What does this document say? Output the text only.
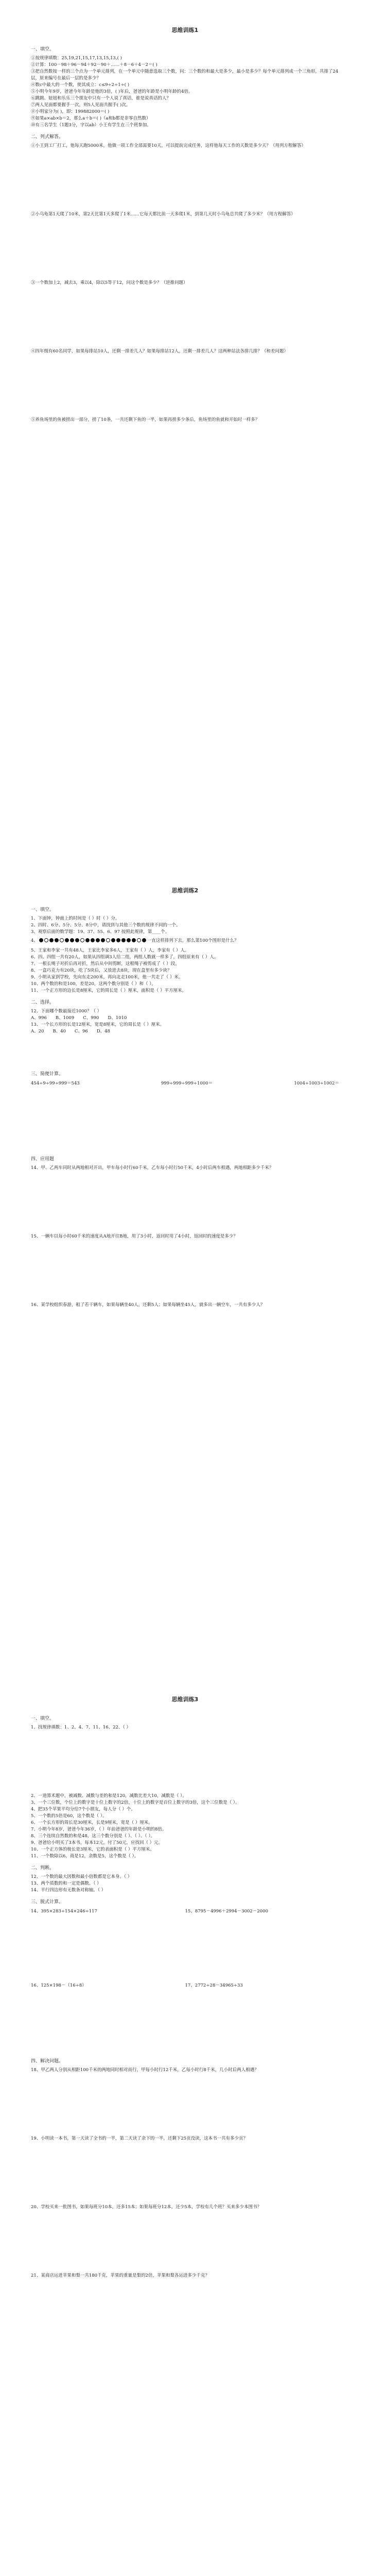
思维训练1
一、填空。

①按规律填数：25,19,21,15,17,13,15,13,( )

②计算：100－98＋96－94＋92－90＋……＋8－6＋4－2＝( )

③把自然数按一样的三个点为一个单元排列，在一个单元中随意选取三个数，问：三个数的和最大是多少，最小是多少？每个单元排列成一个三角形，共排了24层，原来编号在最后一层的是多少？

④数c中最大的一个数，使其成立：c≤9÷2÷1÷( )

⑤小明今年9岁，爸爸今年年龄是他的3倍，( )年后，爸爸的年龄是小明年龄的4倍。

⑥跳跳、妞妞和乐乐三个朋友中只有一个人说了真话，谁是说真话的人？

⑦两人见面都要握手一次，则5人见面共握手( )次。

⑧小明家分为( )，即：199882000＝( )

⑨如果a×ab×b＝2，那么a＋b＝( )（a和b都是非零自然数）

⑩有三名学生（1题3分，字以ab）小王有学生在三个班参加。

二、列式解答。

①小王到工厂打工，他每天跑5000米，他做一项工作全部需要10天，可以提前完成任务，这样他每天工作的天数是多少天？（用列方程解答）

②小乌龟第1天爬了10米，第2天比第1天多爬了1米……它每天都比前一天多爬1米，到第几天时小乌龟总共爬了多少米？（用方程解答）

③一个数加上2，减去3，乘以4，除以5等于12，问这个数是多少？（逆推问题）

④四年级有60名同学，如果每排站10人，还剩一排差几人？如果每排站12人，还剩一排差几人？这两种站法各排几排？（和差问题）

⑤养鱼场里的鱼被捞出一部分，捞了10条，一共还剩下鱼的一半，如果再捞多少条后，鱼场里的鱼就和开始时一样多？

思维训练2
一、填空。

1、下面钟，钟面上的时间是（ ）时（ ）分。

2、四时、6分、5分、5分、8分中，请找到与其他三个数的规律不同的一个。

3、观察后面的数学题：19、37、55、6、97 按照此规律，第____个。

4、	一直这样排列下去，那么第100个图形是什么？

5、王家和李家一共有48人，王家比李家多6人，王家有（ ）人，李家有（ ）人。

6、四、四组一共有20人，如果从四组调3人给二组，两组人数就一样多了，四组原来有（ ）人。

7、一根长绳子对折后再对折，然后从中间剪断，这根绳子被剪成了（ ）段。

8、一盒巧克力有20块，吃了5块后，又放进去8块，现在盒里有多少块？

9、小明从家到学校，先向东走200米，再向北走100米，他一共走了（ ）米。

10、两个数的和是100，差是20，这两个数分别是（ ）和（ ）。

11、一个正方形的边长是8厘米，它的周长是（ ）厘米，面积是（ ）平方厘米。

二、选择。

12、下面哪个数最接近1000？（ ）

A、996　　B、1009　　C、990　　D、1010

13、一个长方形的长是12厘米，宽是8厘米，它的周长是（ ）厘米。

A、20　　B、40　　C、96　　D、48

三、简便计算。
454÷9÷99÷999＝543	999÷999÷999÷1000＝	1004÷1003÷1002＝
四、应用题

14、甲、乙两车同时从两地相对开出，甲车每小时行60千米，乙车每小时行50千米，4小时后两车相遇，两地相距多少千米？

15、一辆车以每小时60千米的速度从A地开往B地，用了3小时，返回时用了4小时，返回时的速度是多少？

16、某学校组织春游，租了若干辆车，如果每辆坐40人，还剩5人；如果每辆坐45人，就多出一辆空车，一共有多少人？

思维训练3
一、填空。

1、找规律填数：1、2、4、7、11、16、22、（ ）

2、一道算术题中，被减数、减数与差的和是120，减数比差大10，减数是（ ）。

3、一个三位数，个位上的数字是十位上数字的2倍，十位上的数字是百位上数字的3倍，这个三位数是（ ）。

4、把35个苹果平均分给7个小朋友，每人分（ ）个。

5、一个数的5倍是60，这个数是（ ）。

6、一个长方形的周长是30厘米，长是9厘米，宽是（ ）厘米。

7、小明今年8岁，爸爸今年36岁，（ ）年前爸爸的年龄是小明的8倍。

8、三个连续自然数的和是48，这三个数分别是（ ）、（ ）、（ ）。

9、爸爸给小明买了3本书，每本12元，付了50元，应找回（ ）元。

10、一个正方体的棱长是3厘米，它的表面积是（ ）平方厘米。

11、一个数除以6，商是12，余数是5，这个数是（ ）。

二、判断。

12、一个数的最大因数和最小倍数都是它本身。（ ）

13、两个质数的和一定是偶数。（ ）

14、平行四边形有无数条对称轴。（ ）

三、脱式计算。
14、395×283÷154×246÷117	15、8795－4996＋2994－3002－2000
16、125×198－（16÷8）	17、2772÷28－34965÷33
四、解决问题。

18、甲乙两人分别从相距100千米的两地同时相对而行，甲每小时行12千米，乙每小时行8千米，几小时后两人相遇？

19、小明读一本书，第一天读了全书的一半，第二天读了余下的一半，还剩下25页没读，这本书一共有多少页？

20、学校买来一批图书，如果每班分10本，还多15本；如果每班分12本，还少5本，学校有几个班？买来多少本图书？

21、某商店运进苹果和梨一共180千克，苹果的重量是梨的2倍，苹果和梨各运进多少千克？
